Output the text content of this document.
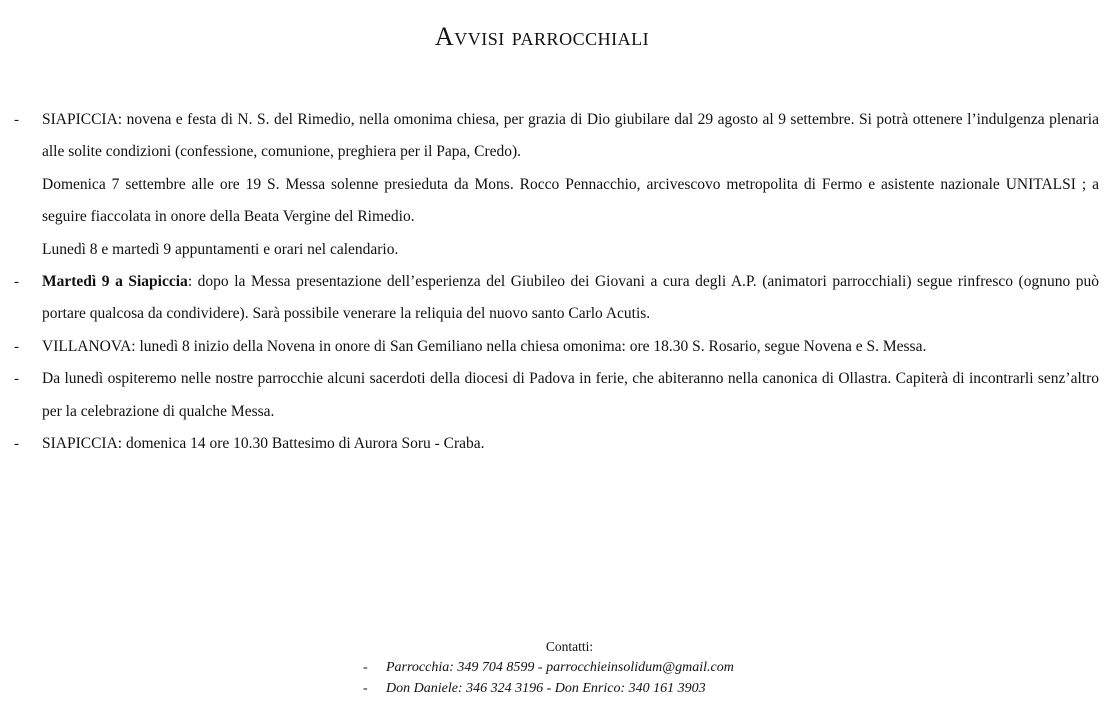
Avvisi parrocchiali
-	SIAPICCIA: novena e festa di N. S. del Rimedio, nella omonima chiesa, per grazia di Dio giubilare dal 29 agosto al 9 settembre. Si potrà ottenere l’indulgenza plenaria alle solite condizioni (confessione, comunione, preghiera per il Papa, Credo).
Domenica 7 settembre alle ore 19 S. Messa solenne presieduta da Mons. Rocco Pennacchio, arcivescovo metropolita di Fermo e asistente nazionale UNITALSI ; a seguire fiaccolata in onore della Beata Vergine del Rimedio.
Lunedì 8 e martedì 9 appuntamenti e orari nel calendario.
-	Martedì 9 a Siapiccia: dopo la Messa presentazione dell’esperienza del Giubileo dei Giovani a cura degli A.P. (animatori parrocchiali) segue rinfresco (ognuno può portare qualcosa da condividere). Sarà possibile venerare la reliquia del nuovo santo Carlo Acutis.
-	VILLANOVA: lunedì 8 inizio della Novena in onore di San Gemiliano nella chiesa omonima: ore 18.30 S. Rosario, segue Novena e S. Messa.
-	Da lunedì ospiteremo nelle nostre parrocchie alcuni sacerdoti della diocesi di Padova in ferie, che abiteranno nella canonica di Ollastra. Capiterà di incontrarli senz’altro per la celebrazione di qualche Messa.
-	SIAPICCIA: domenica 14 ore 10.30 Battesimo di Aurora Soru - Craba.
Contatti:
- Parrocchia: 349 704 8599 - parrocchieinsolidum@gmail.com
- Don Daniele: 346 324 3196 - Don Enrico: 340 161 3903
